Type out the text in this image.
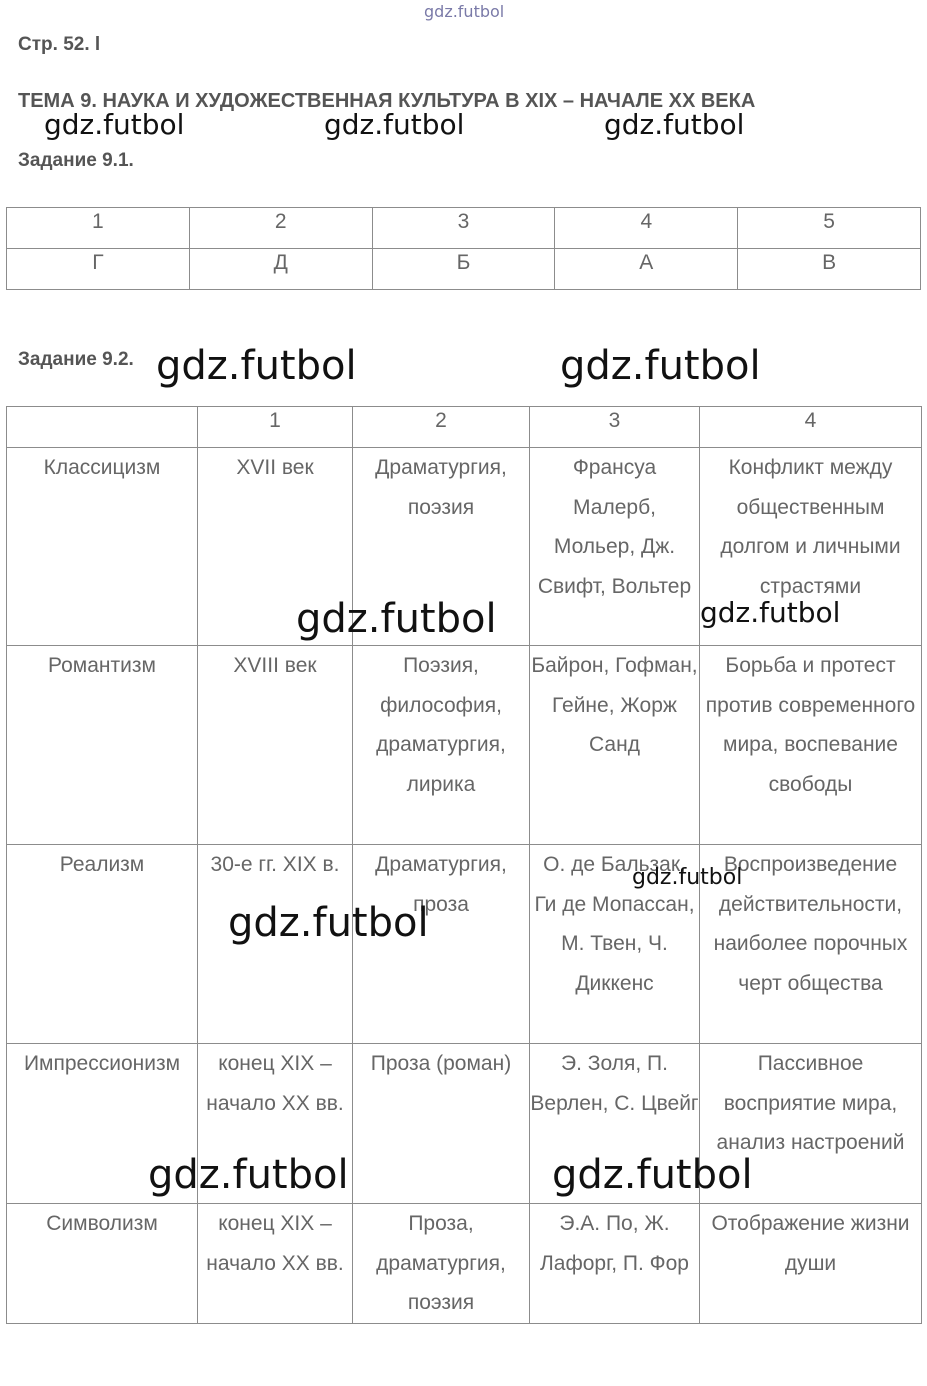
gdz.futbol
Стр. 52. l
ТЕМА 9. НАУКА И ХУДОЖЕСТВЕННАЯ КУЛЬТУРА В XIX – НАЧАЛЕ XX ВЕКА
Задание 9.1.
1	2	3	4	5
Г	Д	Б	А	В
Задание 9.2.
	1	2	3	4
Классицизм	XVII век	Драматургия, поэзия	Франсуа Малерб, Мольер, Дж. Свифт, Вольтер	Конфликт между общественным долгом и личными страстями
Романтизм	XVIII век	Поэзия, философия, драматургия, лирика	Байрон, Гофман, Гейне, Жорж Санд	Борьба и протест против современного мира, воспевание свободы
Реализм	30-е гг. XIX в.	Драматургия, проза	О. де Бальзак, Ги де Мопассан, М. Твен, Ч. Диккенс	Воспроизведение действительности, наиболее порочных черт общества
Импрессионизм	конец XIX – начало XX вв.	Проза (роман)	Э. Золя, П. Верлен, С. Цвейг	Пассивное восприятие мира, анализ настроений
Символизм	конец XIX – начало XX вв.	Проза, драматургия, поэзия	Э.А. По, Ж. Лафорг, П. Фор	Отображение жизни души
gdz.futbol	gdz.futbol	gdz.futbol
gdz.futbol	gdz.futbol
gdz.futbol	gdz.futbol
gdz.futbol
gdz.futbol
gdz.futbol	gdz.futbol
